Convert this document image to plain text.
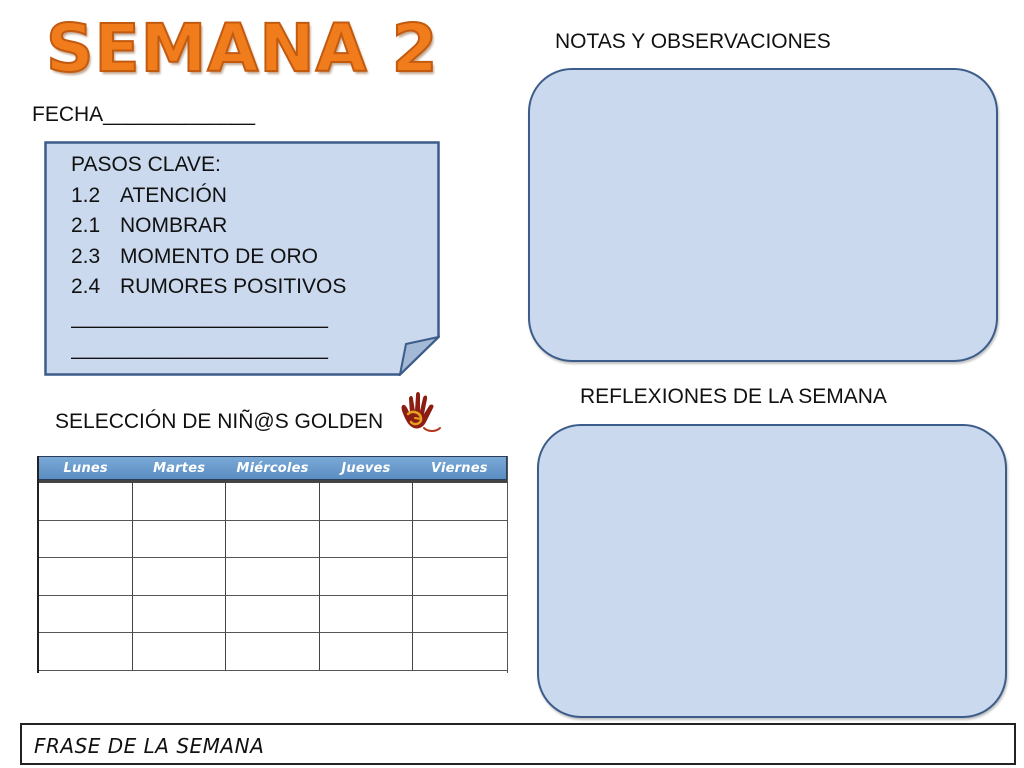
SEMANA 2
FECHA_____________
NOTAS Y OBSERVACIONES
PASOS CLAVE:
1.2 ATENCIÓN
2.1 NOMBRAR
2.3 MOMENTO DE ORO
2.4 RUMORES POSITIVOS
______________________
______________________
REFLEXIONES DE LA SEMANA
SELECCIÓN DE NIÑ@S GOLDEN
Lunes	Martes	Miércoles	Jueves	Viernes
FRASE DE LA SEMANA
